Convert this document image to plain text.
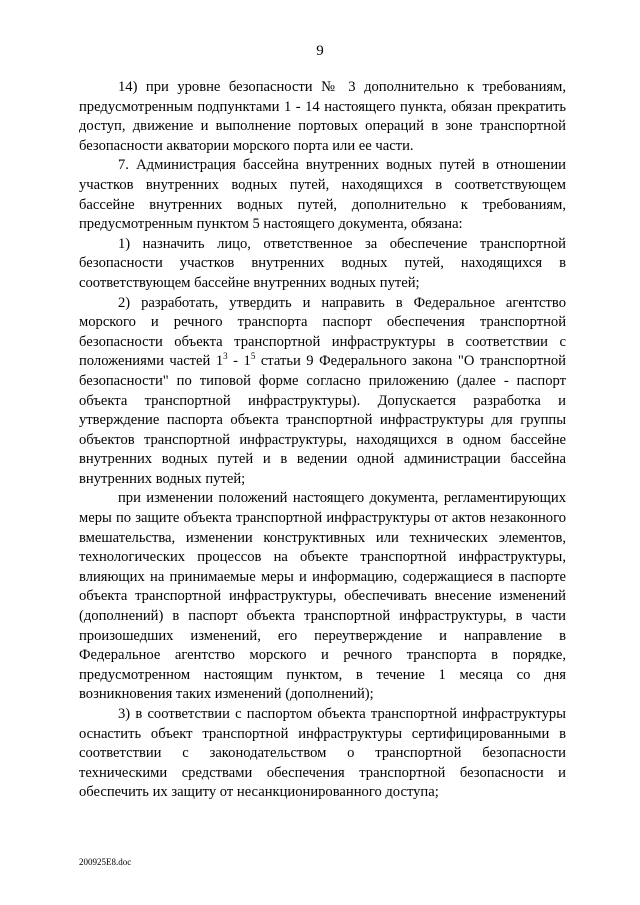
9

14) при уровне безопасности № 3 дополнительно к требованиям, предусмотренным подпунктами 1 - 14 настоящего пункта, обязан прекратить доступ, движение и выполнение портовых операций в зоне транспортной безопасности акватории морского порта или ее части.

7. Администрация бассейна внутренних водных путей в отношении участков внутренних водных путей, находящихся в соответствующем бассейне внутренних водных путей, дополнительно к требованиям, предусмотренным пунктом 5 настоящего документа, обязана:

1) назначить лицо, ответственное за обеспечение транспортной безопасности участков внутренних водных путей, находящихся в соответствующем бассейне внутренних водных путей;

2) разработать, утвердить и направить в Федеральное агентство морского и речного транспорта паспорт обеспечения транспортной безопасности объекта транспортной инфраструктуры в соответствии с положениями частей $1^3 - 1^5$ статьи 9 Федерального закона "О транспортной безопасности" по типовой форме согласно приложению (далее - паспорт объекта транспортной инфраструктуры). Допускается разработка и утверждение паспорта объекта транспортной инфраструктуры для группы объектов транспортной инфраструктуры, находящихся в одном бассейне внутренних водных путей и в ведении одной администрации бассейна внутренних водных путей;

при изменении положений настоящего документа, регламентирующих меры по защите объекта транспортной инфраструктуры от актов незаконного вмешательства, изменении конструктивных или технических элементов, технологических процессов на объекте транспортной инфраструктуры, влияющих на принимаемые меры и информацию, содержащиеся в паспорте объекта транспортной инфраструктуры, обеспечивать внесение изменений (дополнений) в паспорт объекта транспортной инфраструктуры, в части произошедших изменений, его переутверждение и направление в Федеральное агентство морского и речного транспорта в порядке, предусмотренном настоящим пунктом, в течение 1 месяца со дня возникновения таких изменений (дополнений);

3) в соответствии с паспортом объекта транспортной инфраструктуры оснастить объект транспортной инфраструктуры сертифицированными в соответствии с законодательством о транспортной безопасности техническими средствами обеспечения транспортной безопасности и обеспечить их защиту от несанкционированного доступа;

200925E8.doc
